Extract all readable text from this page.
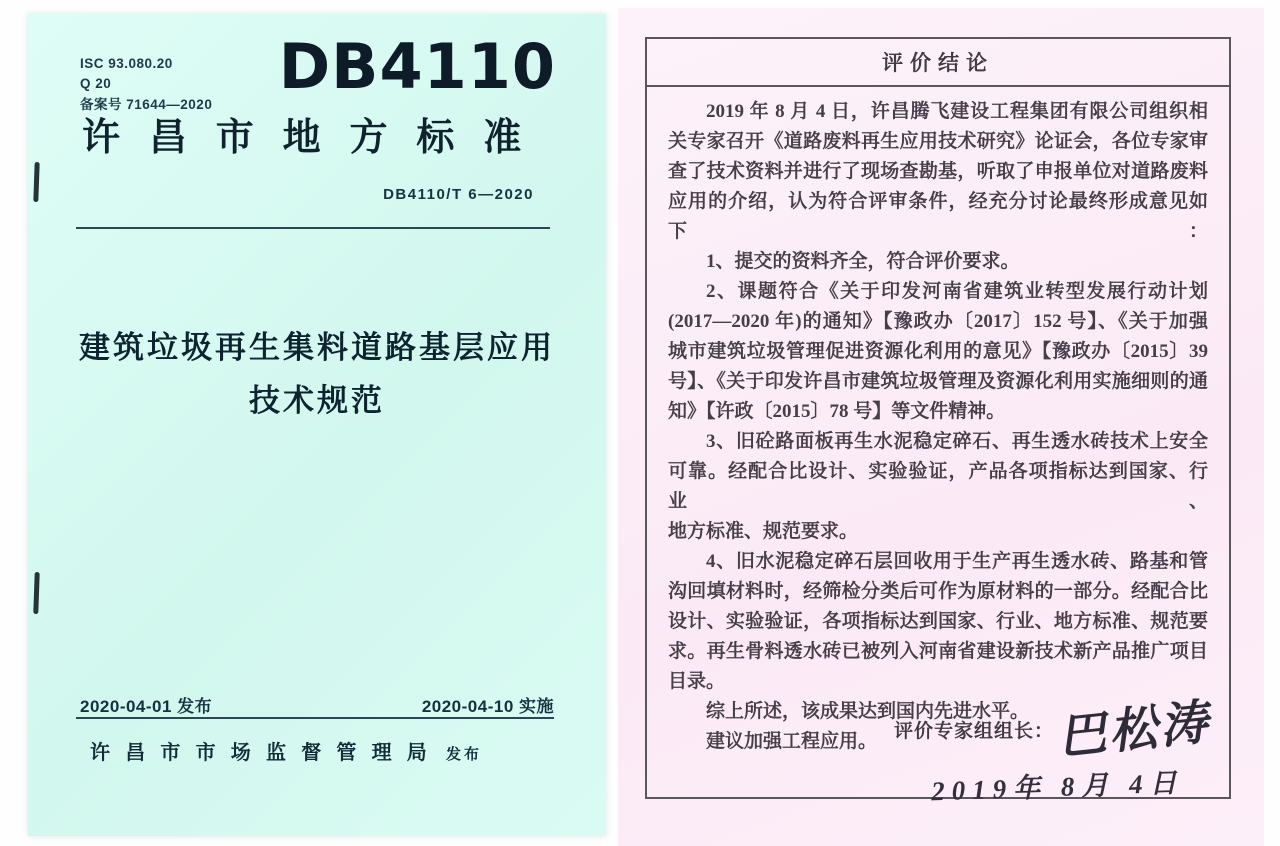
ISC 93.080.20
Q 20
备案号 71644—2020
DB4110
许昌市地方标准
DB4110/T 6—2020
建筑垃圾再生集料道路基层应用
技术规范
2020-04-01 发布	2020-04-10 实施
许昌市市场监督管理局 发布
评价结论
2019 年 8 月 4 日，许昌腾飞建设工程集团有限公司组织相
关专家召开《道路废料再生应用技术研究》论证会，各位专家审
查了技术资料并进行了现场查勘基，听取了申报单位对道路废料
应用的介绍，认为符合评审条件，经充分讨论最终形成意见如下：
1、提交的资料齐全，符合评价要求。
2、课题符合《关于印发河南省建筑业转型发展行动计划
(2017—2020 年)的通知》【豫政办〔2017〕152 号】、《关于加强
城市建筑垃圾管理促进资源化利用的意见》【豫政办〔2015〕39
号】、《关于印发许昌市建筑垃圾管理及资源化利用实施细则的通
知》【许政〔2015〕78 号】等文件精神。
3、旧砼路面板再生水泥稳定碎石、再生透水砖技术上安全
可靠。经配合比设计、实验验证，产品各项指标达到国家、行业、
地方标准、规范要求。
4、旧水泥稳定碎石层回收用于生产再生透水砖、路基和管
沟回填材料时，经筛检分类后可作为原材料的一部分。经配合比
设计、实验验证，各项指标达到国家、行业、地方标准、规范要
求。再生骨料透水砖已被列入河南省建设新技术新产品推广项目
目录。
综上所述，该成果达到国内先进水平。
建议加强工程应用。 评价专家组组长： 巴松涛
2019年 8月 4日
